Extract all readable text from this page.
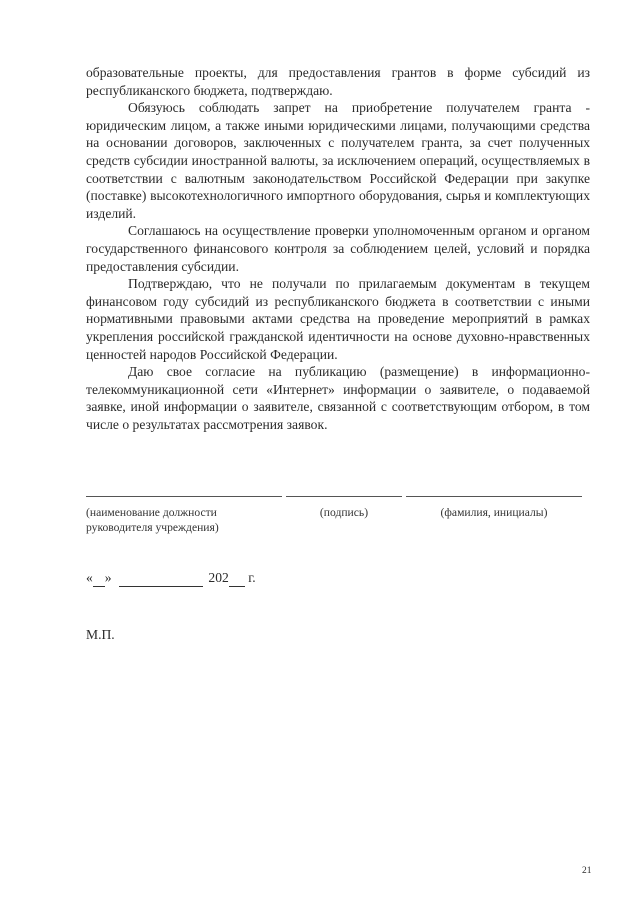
образовательные проекты, для предоставления грантов в форме субсидий из республиканского бюджета, подтверждаю.

Обязуюсь соблюдать запрет на приобретение получателем гранта - юридическим лицом, а также иными юридическими лицами, получающими средства на основании договоров, заключенных с получателем гранта, за счет полученных средств субсидии иностранной валюты, за исключением операций, осуществляемых в соответствии с валютным законодательством Российской Федерации при закупке (поставке) высокотехнологичного импортного оборудования, сырья и комплектующих изделий.

Соглашаюсь на осуществление проверки уполномоченным органом и органом государственного финансового контроля за соблюдением целей, условий и порядка предоставления субсидии.

Подтверждаю, что не получали по прилагаемым документам в текущем финансовом году субсидий из республиканского бюджета в соответствии с иными нормативными правовыми актами средства на проведение мероприятий в рамках укрепления российской гражданской идентичности на основе духовно-нравственных ценностей народов Российской Федерации.

Даю свое согласие на публикацию (размещение) в информационно-телекоммуникационной сети «Интернет» информации о заявителе, о подаваемой заявке, иной информации о заявителе, связанной с соответствующим отбором, в том числе о результатах рассмотрения заявок.

(наименование должности руководителя учреждения)
(подпись)	(фамилия, инициалы)
« »	202 г.
М.П.
21
